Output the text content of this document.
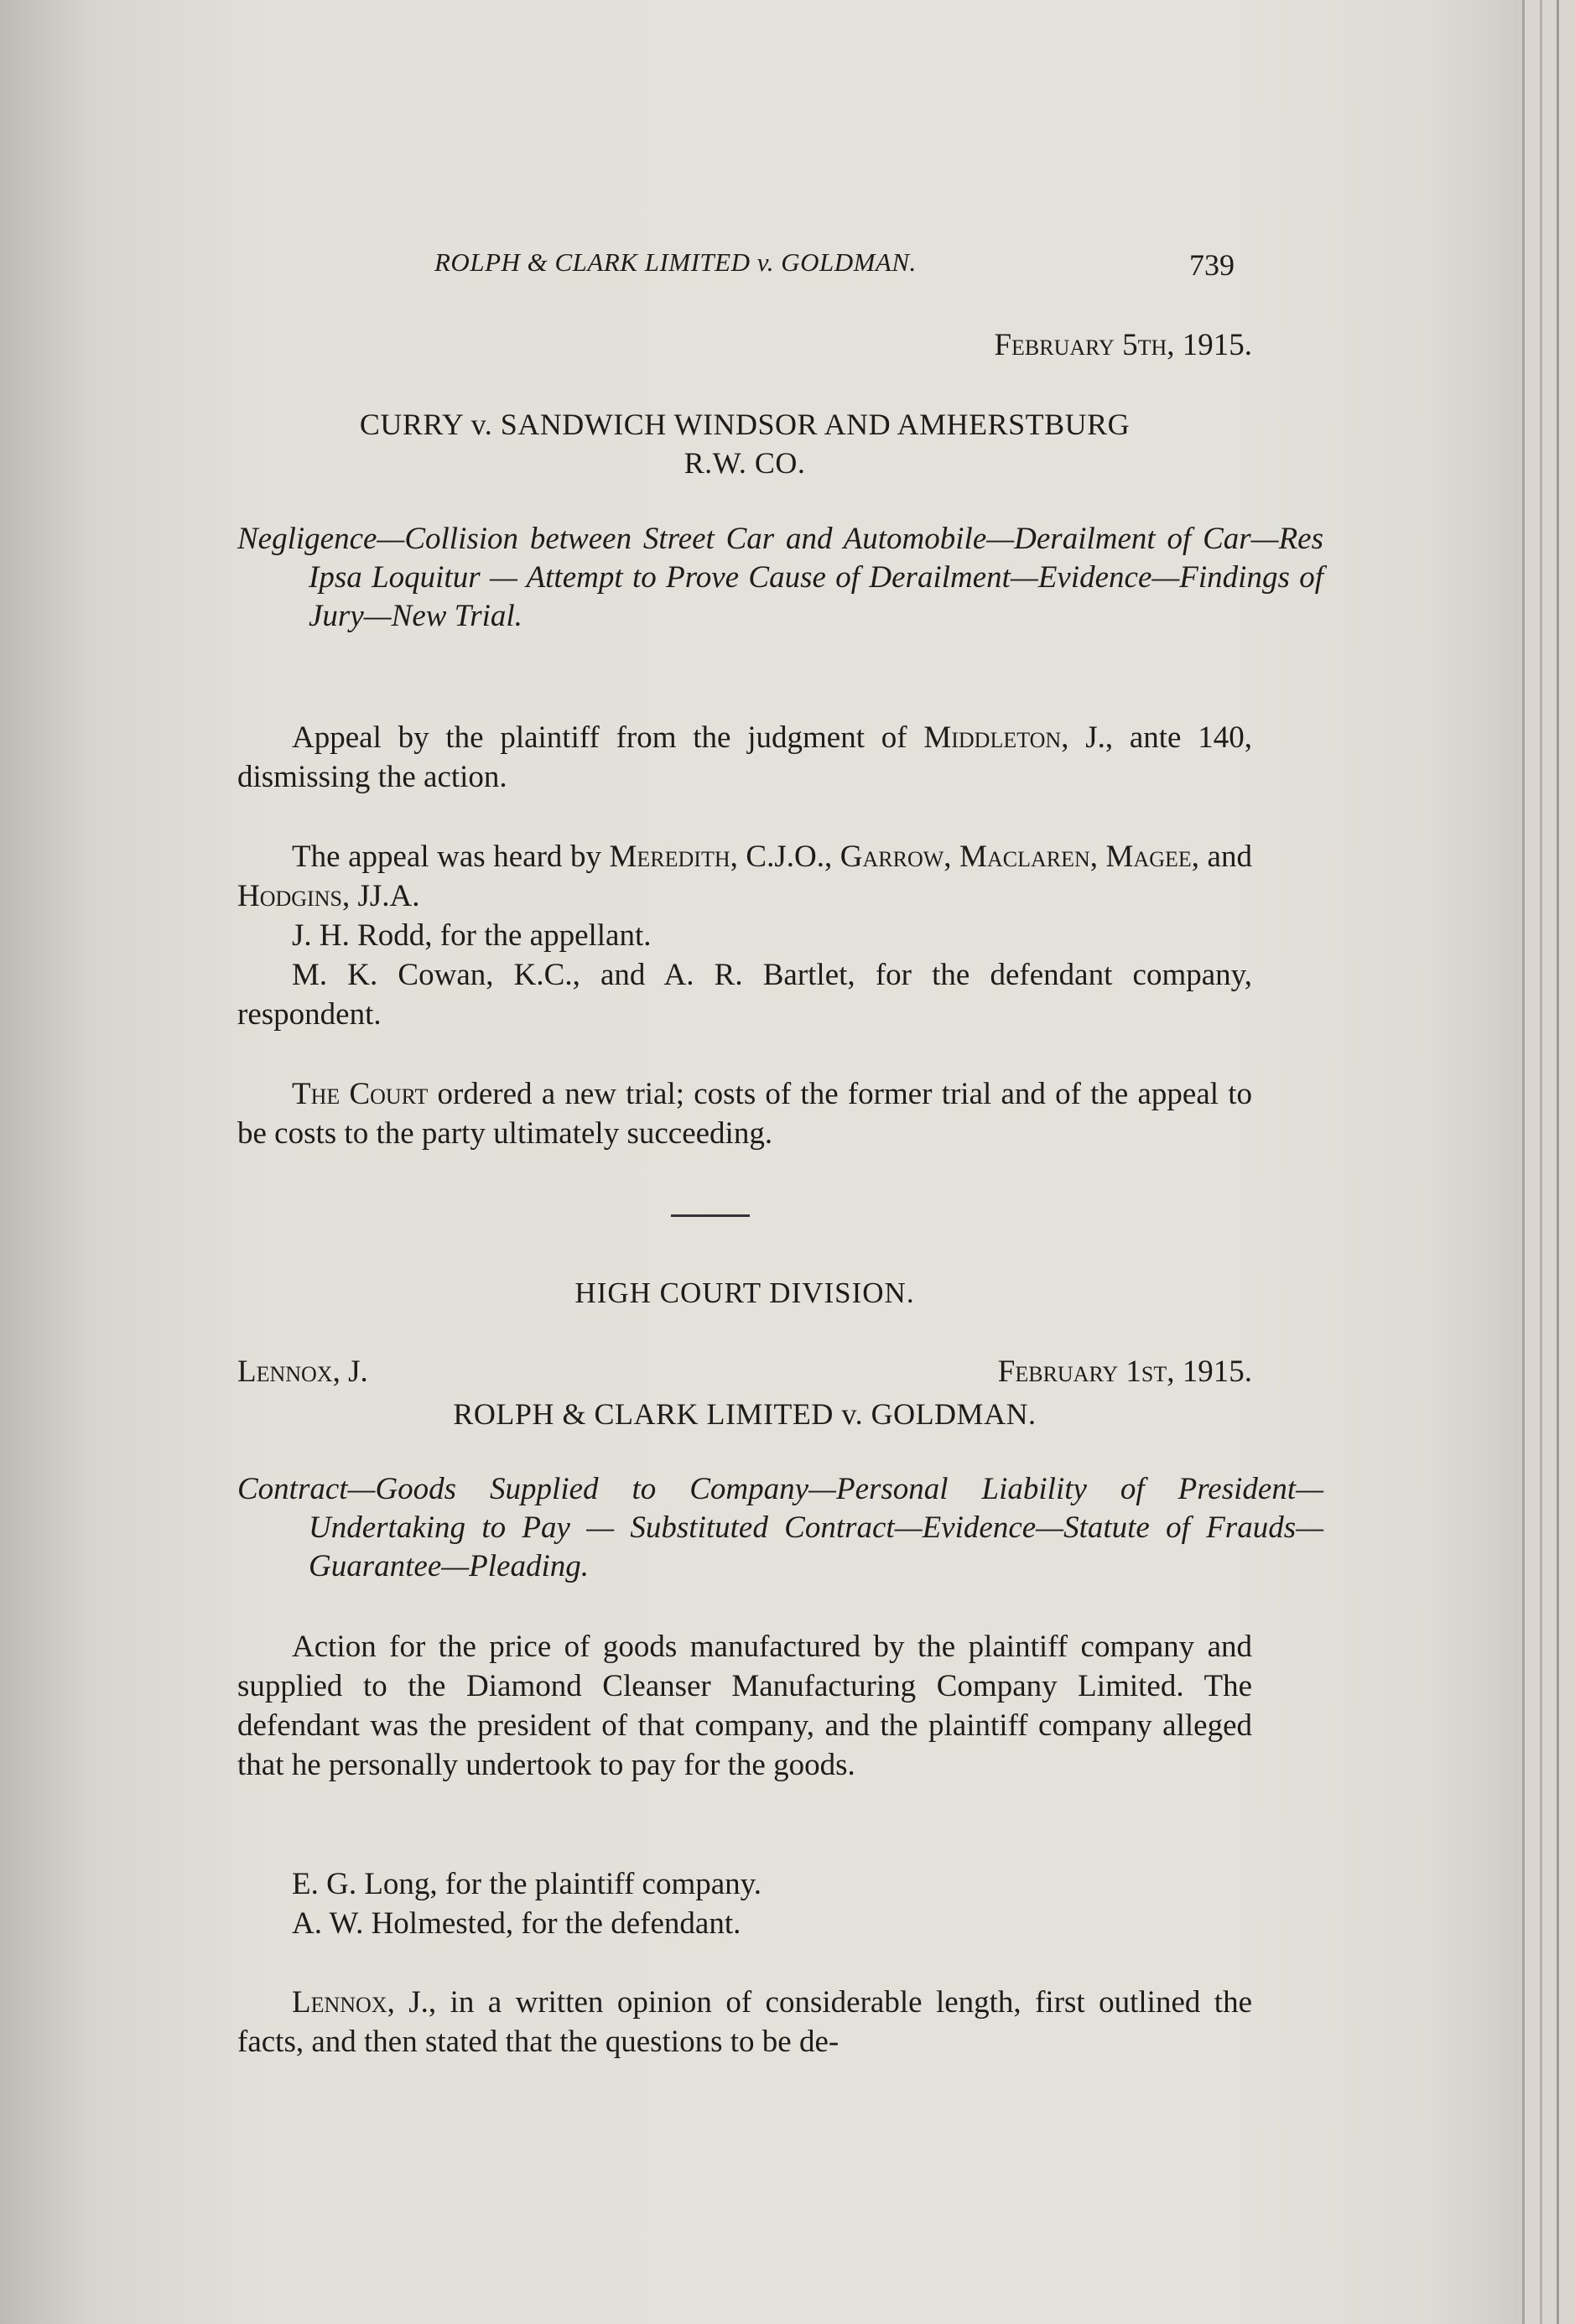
ROLPH & CLARK LIMITED v. GOLDMAN.	739
February 5th, 1915.
CURRY v. SANDWICH WINDSOR AND AMHERSTBURG
R.W. CO.
Negligence—Collision between Street Car and Automobile—Derailment of Car—Res Ipsa Loquitur — Attempt to Prove Cause of Derailment—Evidence—Findings of Jury—New Trial.
Appeal by the plaintiff from the judgment of Middleton, J., ante 140, dismissing the action.
The appeal was heard by Meredith, C.J.O., Garrow, Maclaren, Magee, and Hodgins, JJ.A.
J. H. Rodd, for the appellant.
M. K. Cowan, K.C., and A. R. Bartlet, for the defendant company, respondent.
The Court ordered a new trial; costs of the former trial and of the appeal to be costs to the party ultimately succeeding.
HIGH COURT DIVISION.
Lennox, J.	February 1st, 1915.
ROLPH & CLARK LIMITED v. GOLDMAN.
Contract—Goods Supplied to Company—Personal Liability of President—Undertaking to Pay — Substituted Contract—Evidence—Statute of Frauds—Guarantee—Pleading.
Action for the price of goods manufactured by the plaintiff company and supplied to the Diamond Cleanser Manufacturing Company Limited. The defendant was the president of that company, and the plaintiff company alleged that he personally undertook to pay for the goods.
E. G. Long, for the plaintiff company.
A. W. Holmested, for the defendant.
Lennox, J., in a written opinion of considerable length, first outlined the facts, and then stated that the questions to be de-
